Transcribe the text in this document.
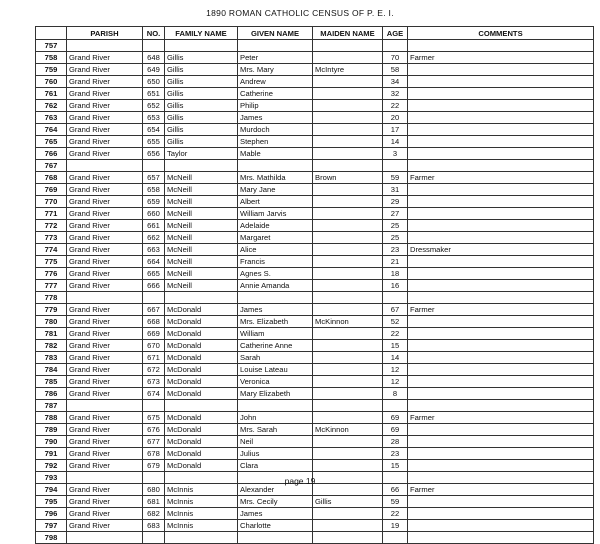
1890 ROMAN CATHOLIC CENSUS OF P. E. I.
	PARISH	NO.	FAMILY NAME	GIVEN NAME	MAIDEN NAME	AGE	COMMENTS
757							
758	Grand River	648	Gillis	Peter		70	Farmer
759	Grand River	649	Gillis	Mrs. Mary	McIntyre	58	
760	Grand River	650	Gillis	Andrew		34	
761	Grand River	651	Gillis	Catherine		32	
762	Grand River	652	Gillis	Philip		22	
763	Grand River	653	Gillis	James		20	
764	Grand River	654	Gillis	Murdoch		17	
765	Grand River	655	Gillis	Stephen		14	
766	Grand River	656	Taylor	Mable		3	
767							
768	Grand River	657	McNeill	Mrs. Mathilda	Brown	59	Farmer
769	Grand River	658	McNeill	Mary Jane		31	
770	Grand River	659	McNeill	Albert		29	
771	Grand River	660	McNeill	William Jarvis		27	
772	Grand River	661	McNeill	Adelaide		25	
773	Grand River	662	McNeill	Margaret		25	
774	Grand River	663	McNeill	Alice		23	Dressmaker
775	Grand River	664	McNeill	Francis		21	
776	Grand River	665	McNeill	Agnes S.		18	
777	Grand River	666	McNeill	Annie Amanda		16	
778							
779	Grand River	667	McDonald	James		67	Farmer
780	Grand River	668	McDonald	Mrs. Elizabeth	McKinnon	52	
781	Grand River	669	McDonald	William		22	
782	Grand River	670	McDonald	Catherine Anne		15	
783	Grand River	671	McDonald	Sarah		14	
784	Grand River	672	McDonald	Louise Lateau		12	
785	Grand River	673	McDonald	Veronica		12	
786	Grand River	674	McDonald	Mary Elizabeth		8	
787							
788	Grand River	675	McDonald	John		69	Farmer
789	Grand River	676	McDonald	Mrs. Sarah	McKinnon	69	
790	Grand River	677	McDonald	Neil		28	
791	Grand River	678	McDonald	Julius		23	
792	Grand River	679	McDonald	Clara		15	
793							
794	Grand River	680	McInnis	Alexander		66	Farmer
795	Grand River	681	McInnis	Mrs. Cecily	Gillis	59	
796	Grand River	682	McInnis	James		22	
797	Grand River	683	McInnis	Charlotte		19	
798							
page 19
